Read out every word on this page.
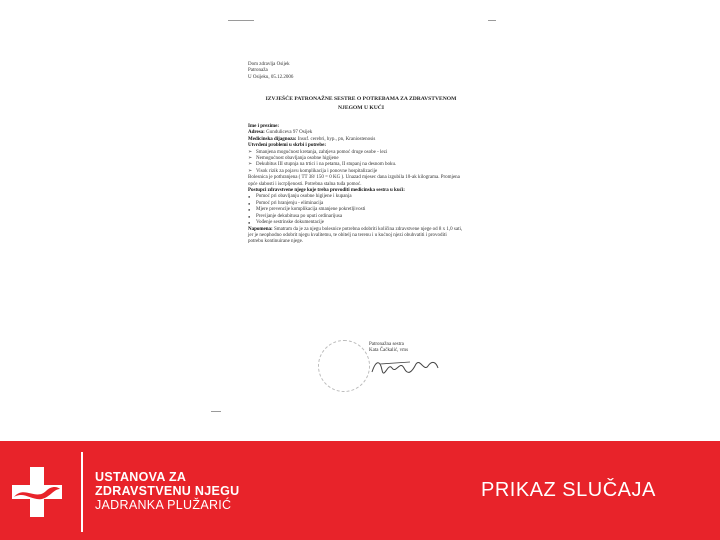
Dom zdravlja Osijek
Patronaža
U Osijeku, 05.12.2006
IZVJEŠĆE PATRONAŽNE SESTRE O POTREBAMA ZA ZDRAVSTVENOM
NJEGOM U KUĆI
Ime i prezime:
Adresa: Gunduliceva 97 Osijek
Medicinska dijagnoza: Insuf. cerebri, hyp., pn, Kraniostenosis
Utvrđeni problemi u skrbi i potrebe:
➢ Smanjena mogućnost kretanja, zahtjeva pomoć druge osobe - lezi
➢ Nemogućnost obavljanja osobne higijene
➢ Dekubitus III stupnja na trtici i na petama, II stupanj na desnom boku.
➢ Visok rizik za pojavu komplikacija i ponovne hospitalizacije
Bolesnica je pothranjena ( TT 38/ 150 = 0 KG ). Unazad mjesec dana izgubila 10-ak kilograma. Promjena opće slabosti i iscrpljenosti. Potrebna stalna tuđa pomoć.
Postupci zdravstvene njege koje treba provoditi medicinska sestra u kući:
● Pomoć pri obavljanju osobne higijene i kupanja
● Pomoć pri hranjenju - eliminacija
● Mjere prevencije komplikacija smanjene pokretljivosti
● Previjanje dekubitusa po uputi ordinarijusa
● Vođenje sestrinske dokumentacije
Napomena: Smatram da je za njegu bolesnice potrebna odobriti količina zdravstvene njege od 8 x 1,0 sati, jer je neophodno odobrit njegu kvalitetnu, te obitelj na terenu i u kućnoj njezi obuhvatiti i provoditi potrebu kontinuirane njege.
Patronažna sestra
Kata Čačkalić, vms
USTANOVA ZA
ZDRAVSTVENU NJEGU
JADRANKA PLUŽARIĆ
PRIKAZ SLUČAJA
